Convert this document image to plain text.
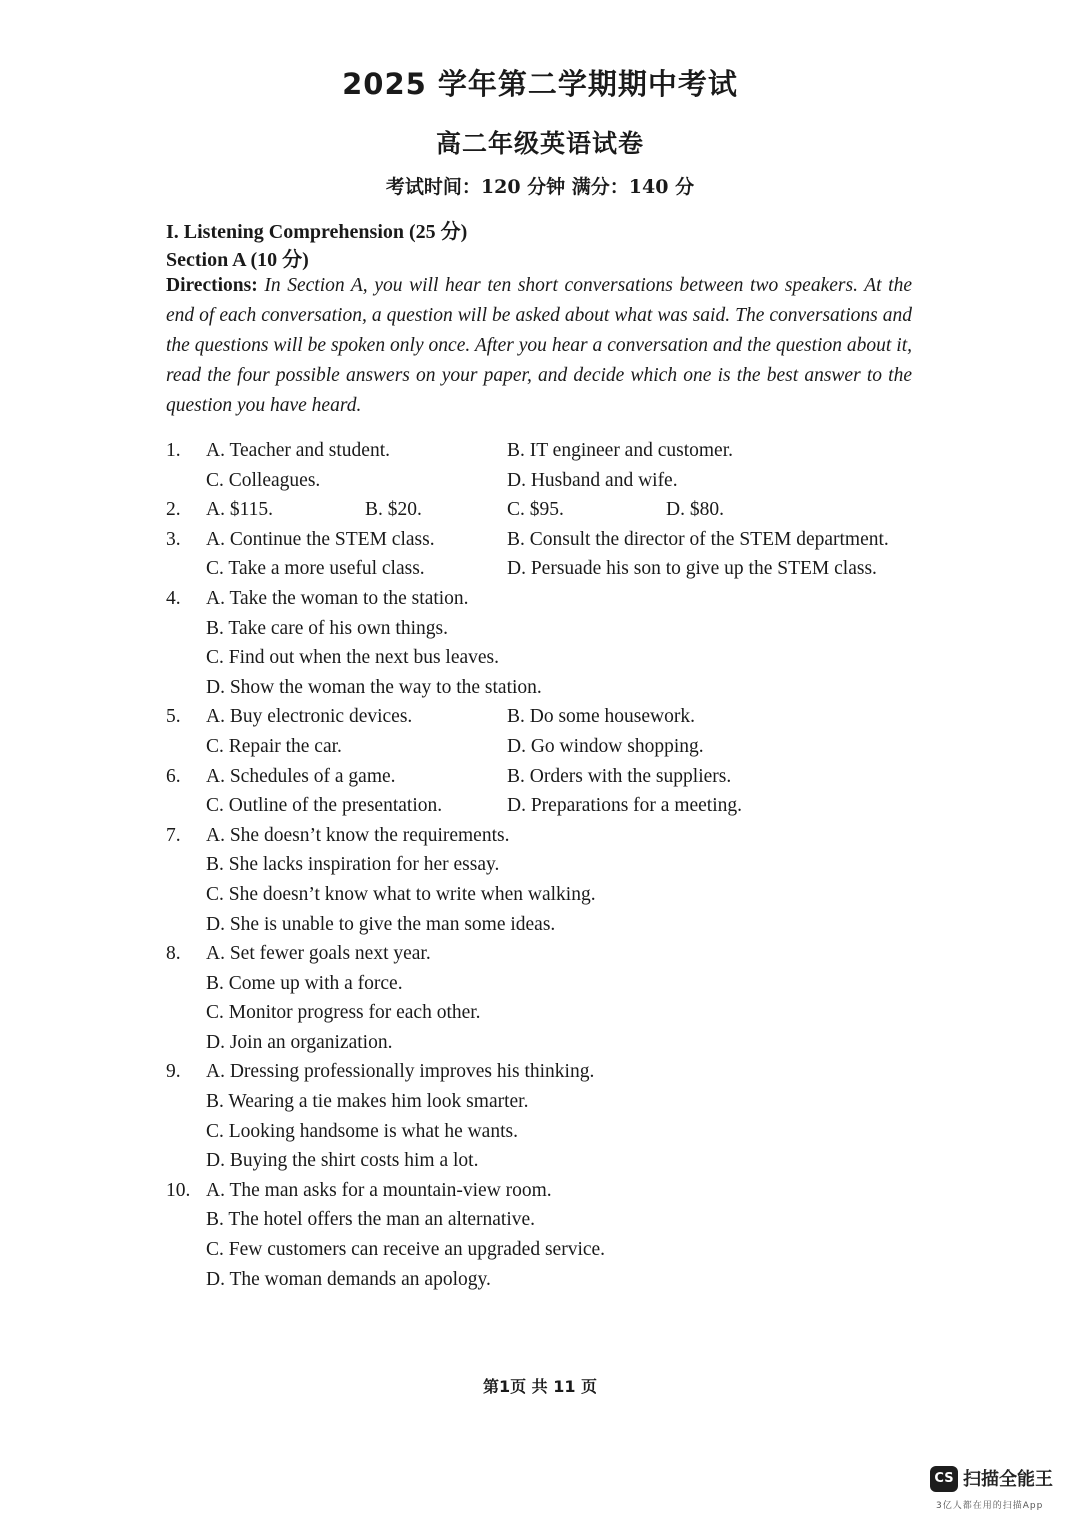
2025 学年第二学期期中考试
高二年级英语试卷
考试时间：120 分钟 满分：140 分
I. Listening Comprehension (25 分)
Section A (10 分)
Directions: In Section A, you will hear ten short conversations between two speakers. At the end of each conversation, a question will be asked about what was said. The conversations and the questions will be spoken only once. After you hear a conversation and the question about it, read the four possible answers on your paper, and decide which one is the best answer to the question you have heard.
1. A. Teacher and student.	B. IT engineer and customer.
C. Colleagues.	D. Husband and wife.
2. A. $115.	B. $20.	C. $95.	D. $80.
3. A. Continue the STEM class.	B. Consult the director of the STEM department.
C. Take a more useful class.	D. Persuade his son to give up the STEM class.
4. A. Take the woman to the station.
B. Take care of his own things.
C. Find out when the next bus leaves.
D. Show the woman the way to the station.
5. A. Buy electronic devices.	B. Do some housework.
C. Repair the car.	D. Go window shopping.
6. A. Schedules of a game.	B. Orders with the suppliers.
C. Outline of the presentation.	D. Preparations for a meeting.
7. A. She doesn’t know the requirements.
B. She lacks inspiration for her essay.
C. She doesn’t know what to write when walking.
D. She is unable to give the man some ideas.
8. A. Set fewer goals next year.
B. Come up with a force.
C. Monitor progress for each other.
D. Join an organization.
9. A. Dressing professionally improves his thinking.
B. Wearing a tie makes him look smarter.
C. Looking handsome is what he wants.
D. Buying the shirt costs him a lot.
10. A. The man asks for a mountain-view room.
B. The hotel offers the man an alternative.
C. Few customers can receive an upgraded service.
D. The woman demands an apology.
第1页 共 11 页
CS 扫描全能王
3亿人都在用的扫描App
